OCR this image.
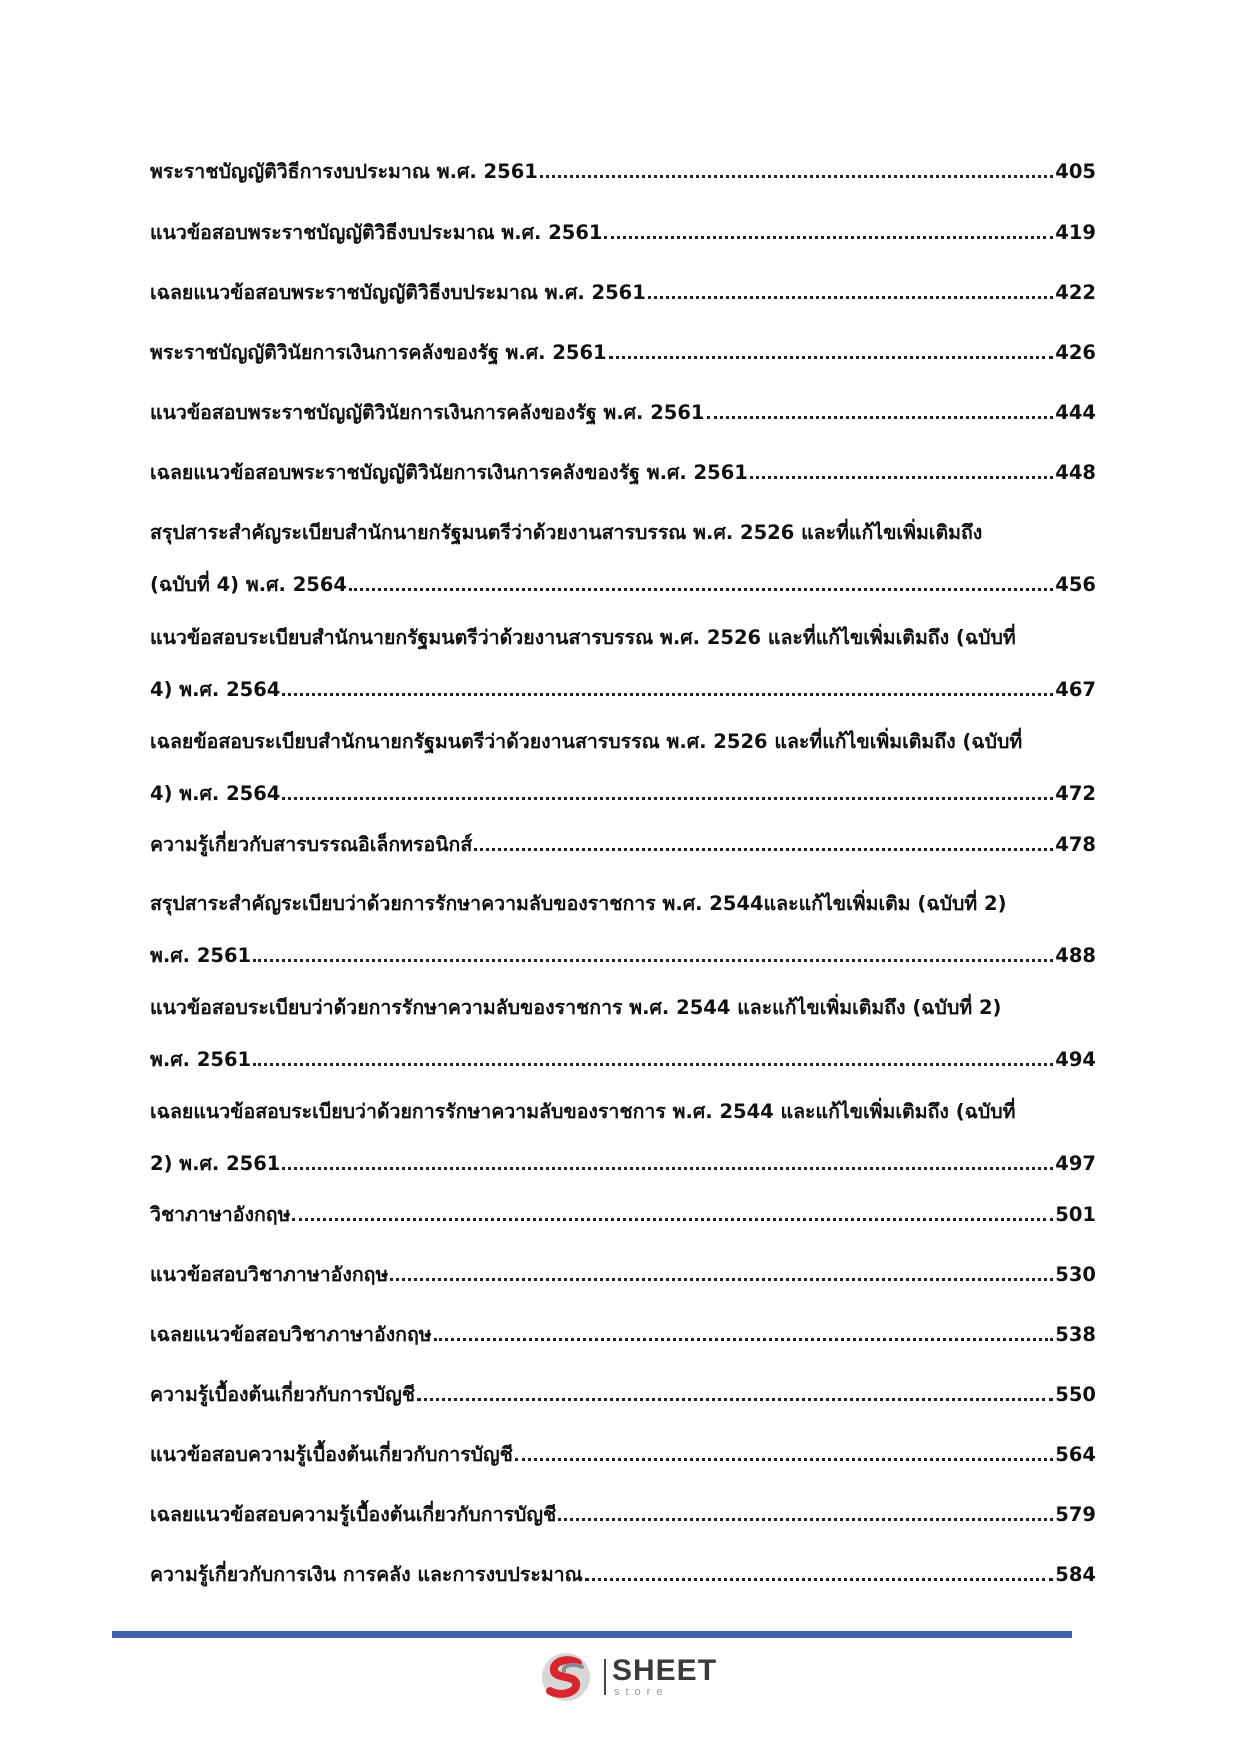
พระราชบัญญัติวิธีการงบประมาณ พ.ศ. 2561	405
แนวข้อสอบพระราชบัญญัติวิธีงบประมาณ พ.ศ. 2561	419
เฉลยแนวข้อสอบพระราชบัญญัติวิธีงบประมาณ พ.ศ. 2561	422
พระราชบัญญัติวินัยการเงินการคลังของรัฐ พ.ศ. 2561	426
แนวข้อสอบพระราชบัญญัติวินัยการเงินการคลังของรัฐ พ.ศ. 2561	444
เฉลยแนวข้อสอบพระราชบัญญัติวินัยการเงินการคลังของรัฐ พ.ศ. 2561	448
สรุปสาระสำคัญระเบียบสำนักนายกรัฐมนตรีว่าด้วยงานสารบรรณ พ.ศ. 2526 และที่แก้ไขเพิ่มเติมถึง
(ฉบับที่ 4) พ.ศ. 2564	456
แนวข้อสอบระเบียบสำนักนายกรัฐมนตรีว่าด้วยงานสารบรรณ พ.ศ. 2526 และที่แก้ไขเพิ่มเติมถึง (ฉบับที่
4) พ.ศ. 2564	467
เฉลยข้อสอบระเบียบสำนักนายกรัฐมนตรีว่าด้วยงานสารบรรณ พ.ศ. 2526 และที่แก้ไขเพิ่มเติมถึง (ฉบับที่
4) พ.ศ. 2564	472
ความรู้เกี่ยวกับสารบรรณอิเล็กทรอนิกส์	478
สรุปสาระสำคัญระเบียบว่าด้วยการรักษาความลับของราชการ พ.ศ. 2544และแก้ไขเพิ่มเติม (ฉบับที่ 2)
พ.ศ. 2561	488
แนวข้อสอบระเบียบว่าด้วยการรักษาความลับของราชการ พ.ศ. 2544 และแก้ไขเพิ่มเติมถึง (ฉบับที่ 2)
พ.ศ. 2561	494
เฉลยแนวข้อสอบระเบียบว่าด้วยการรักษาความลับของราชการ พ.ศ. 2544 และแก้ไขเพิ่มเติมถึง (ฉบับที่
2) พ.ศ. 2561	497
วิชาภาษาอังกฤษ	501
แนวข้อสอบวิชาภาษาอังกฤษ	530
เฉลยแนวข้อสอบวิชาภาษาอังกฤษ	538
ความรู้เบื้องต้นเกี่ยวกับการบัญชี	550
แนวข้อสอบความรู้เบื้องต้นเกี่ยวกับการบัญชี	564
เฉลยแนวข้อสอบความรู้เบื้องต้นเกี่ยวกับการบัญชี	579
ความรู้เกี่ยวกับการเงิน การคลัง และการงบประมาณ	584
SHEET
store
